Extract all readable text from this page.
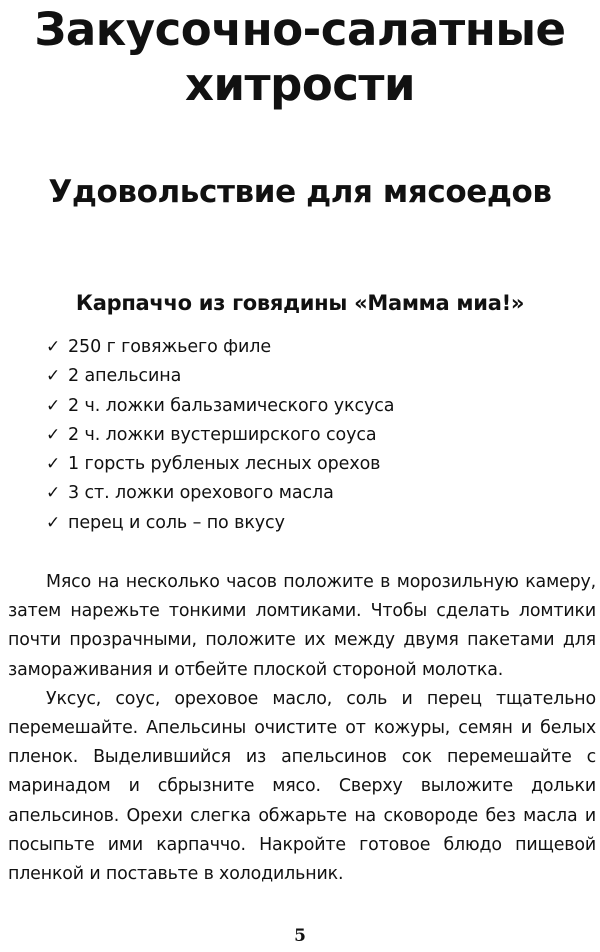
Закусочно-салатные
хитрости
Удовольствие для мясоедов
Карпаччо из говядины «Мамма миа!»
✓ 250 г говяжьего филе
✓ 2 апельсина
✓ 2 ч. ложки бальзамического уксуса
✓ 2 ч. ложки вустерширского соуса
✓ 1 горсть рубленых лесных орехов
✓ 3 ст. ложки орехового масла
✓ перец и соль – по вкусу

Мясо на несколько часов положите в морозильную камеру, затем нарежьте тонкими ломтиками. Чтобы сделать ломтики почти прозрачными, положите их между двумя пакетами для замораживания и отбейте плоской стороной молотка.

Уксус, соус, ореховое масло, соль и перец тщательно перемешайте. Апельсины очистите от кожуры, семян и белых пленок. Выделившийся из апельсинов сок перемешайте с маринадом и сбрызните мясо. Сверху выложите дольки апельсинов. Орехи слегка обжарьте на сковороде без масла и посыпьте ими карпаччо. Накройте готовое блюдо пищевой пленкой и поставьте в холодильник.

5
